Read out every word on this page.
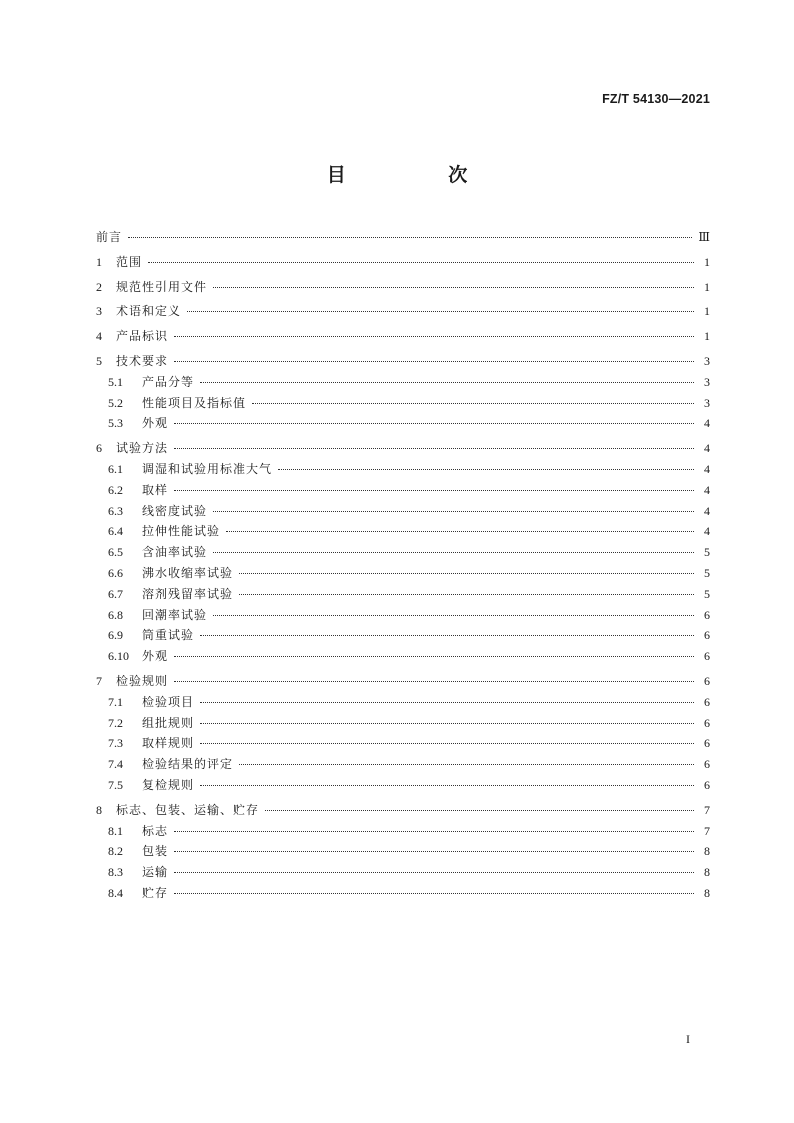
FZ/T 54130—2021
目 次
前言	Ⅲ
1	范围	1
2	规范性引用文件	1
3	术语和定义	1
4	产品标识	1
5	技术要求	3
5.1	产品分等	3
5.2	性能项目及指标值	3
5.3	外观	4
6	试验方法	4
6.1	调湿和试验用标准大气	4
6.2	取样	4
6.3	线密度试验	4
6.4	拉伸性能试验	4
6.5	含油率试验	5
6.6	沸水收缩率试验	5
6.7	溶剂残留率试验	5
6.8	回潮率试验	6
6.9	筒重试验	6
6.10	外观	6
7	检验规则	6
7.1	检验项目	6
7.2	组批规则	6
7.3	取样规则	6
7.4	检验结果的评定	6
7.5	复检规则	6
8	标志、包装、运输、贮存	7
8.1	标志	7
8.2	包装	8
8.3	运输	8
8.4	贮存	8
I
